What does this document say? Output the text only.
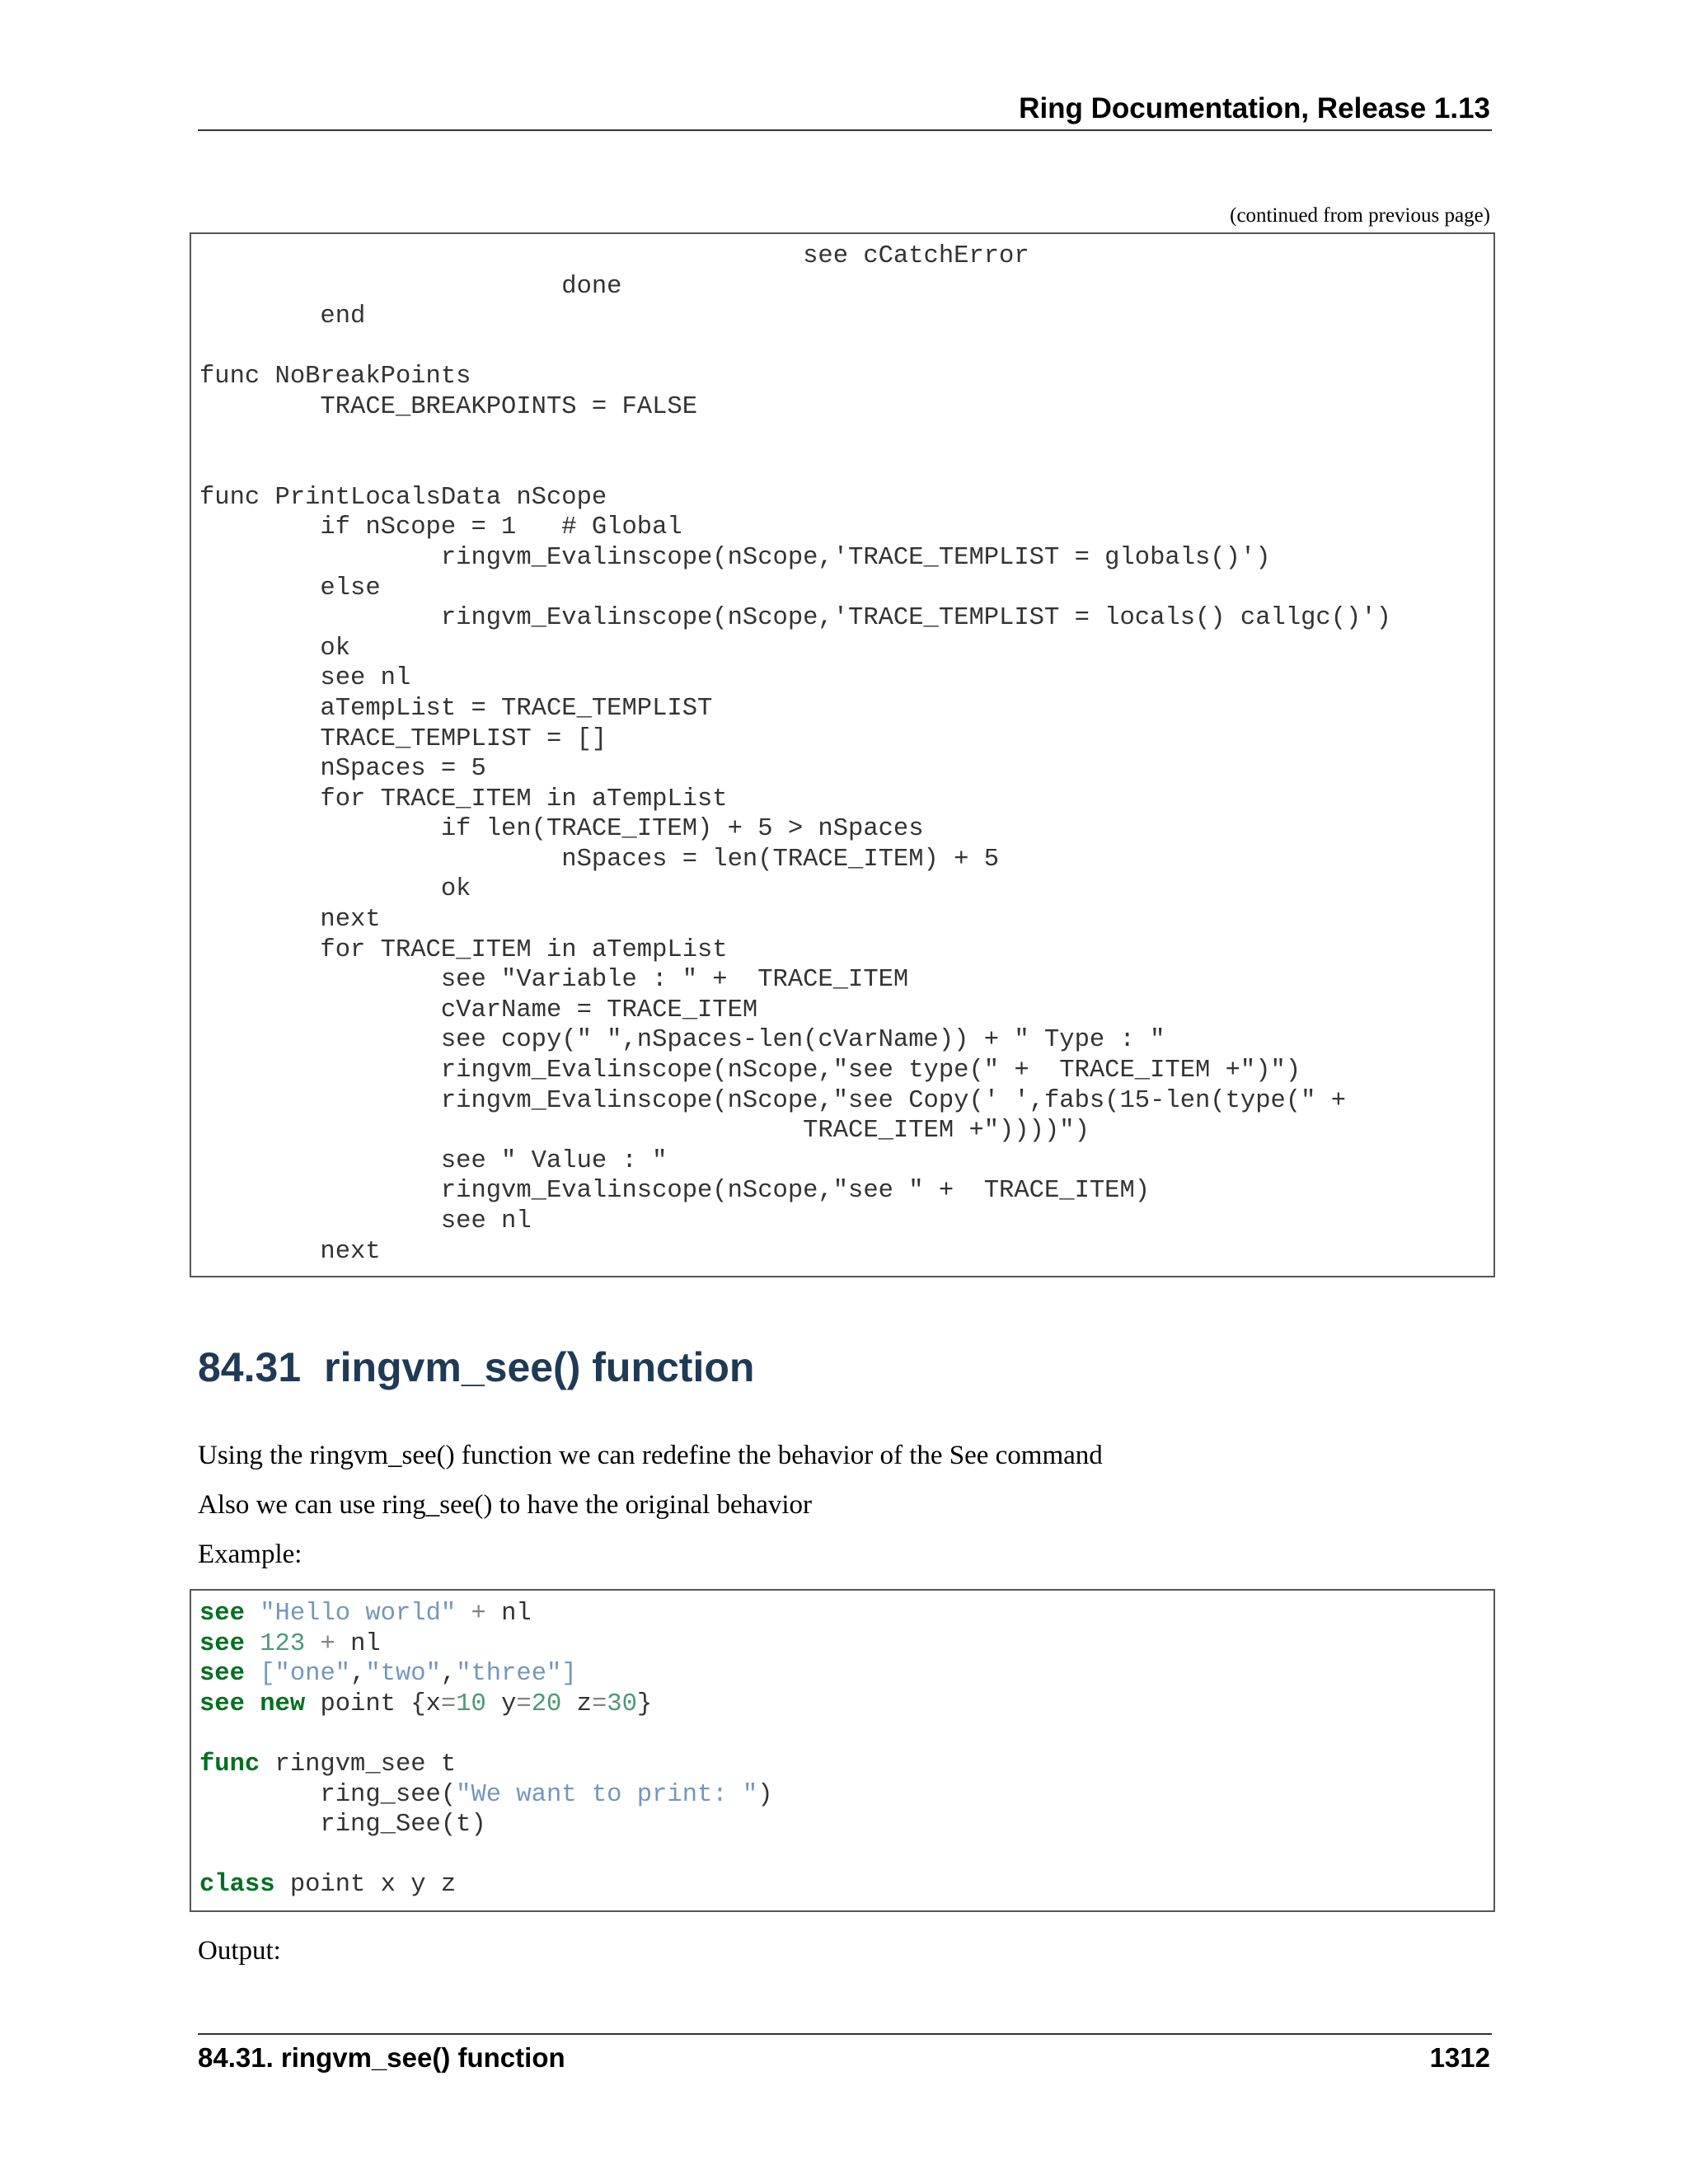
Ring Documentation, Release 1.13
(continued from previous page)
see cCatchError
done
end

func NoBreakPoints
TRACE_BREAKPOINTS = FALSE

func PrintLocalsData nScope
if nScope = 1   # Global
ringvm_Evalinscope(nScope,'TRACE_TEMPLIST = globals()')
else
ringvm_Evalinscope(nScope,'TRACE_TEMPLIST = locals() callgc()')
ok
see nl
aTempList = TRACE_TEMPLIST
TRACE_TEMPLIST = []
nSpaces = 5
for TRACE_ITEM in aTempList
if len(TRACE_ITEM) + 5 > nSpaces
nSpaces = len(TRACE_ITEM) + 5
ok
next
for TRACE_ITEM in aTempList
see "Variable : " +  TRACE_ITEM
cVarName = TRACE_ITEM
see copy(" ",nSpaces-len(cVarName)) + " Type : "
ringvm_Evalinscope(nScope,"see type(" +  TRACE_ITEM +")")
ringvm_Evalinscope(nScope,"see Copy(' ',fabs(15-len(type(" +
TRACE_ITEM +"))))")
see " Value : "
ringvm_Evalinscope(nScope,"see " +  TRACE_ITEM)
see nl
next

84.31 ringvm_see() function
Using the ringvm_see() function we can redefine the behavior of the See command
Also we can use ring_see() to have the original behavior
Example:
see "Hello world" + nl
see 123 + nl
see ["one","two","three"]
see new point {x=10 y=20 z=30}

func ringvm_see t
ring_see("We want to print: ")
ring_See(t)

class point x y z

Output:
84.31. ringvm_see() function	1312
